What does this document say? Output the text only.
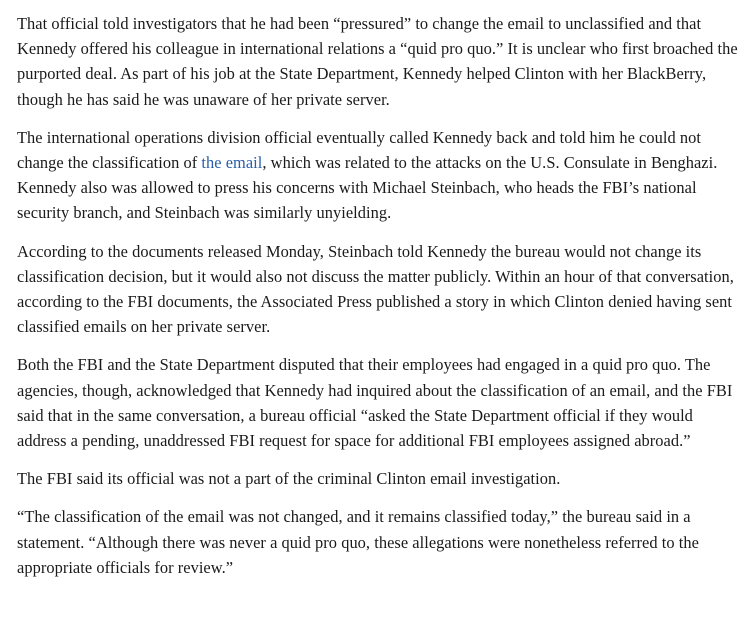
That official told investigators that he had been “pressured” to change the email to unclassified and that Kennedy offered his colleague in international relations a “quid pro quo.” It is unclear who first broached the purported deal. As part of his job at the State Department, Kennedy helped Clinton with her BlackBerry, though he has said he was unaware of her private server.

The international operations division official eventually called Kennedy back and told him he could not change the classification of the email, which was related to the attacks on the U.S. Consulate in Benghazi. Kennedy also was allowed to press his concerns with Michael Steinbach, who heads the FBI’s national security branch, and Steinbach was similarly unyielding.

According to the documents released Monday, Steinbach told Kennedy the bureau would not change its classification decision, but it would also not discuss the matter publicly. Within an hour of that conversation, according to the FBI documents, the Associated Press published a story in which Clinton denied having sent classified emails on her private server.

Both the FBI and the State Department disputed that their employees had engaged in a quid pro quo. The agencies, though, acknowledged that Kennedy had inquired about the classification of an email, and the FBI said that in the same conversation, a bureau official “asked the State Department official if they would address a pending, unaddressed FBI request for space for additional FBI employees assigned abroad.”

The FBI said its official was not a part of the criminal Clinton email investigation.

“The classification of the email was not changed, and it remains classified today,” the bureau said in a statement. “Although there was never a quid pro quo, these allegations were nonetheless referred to the appropriate officials for review.”
